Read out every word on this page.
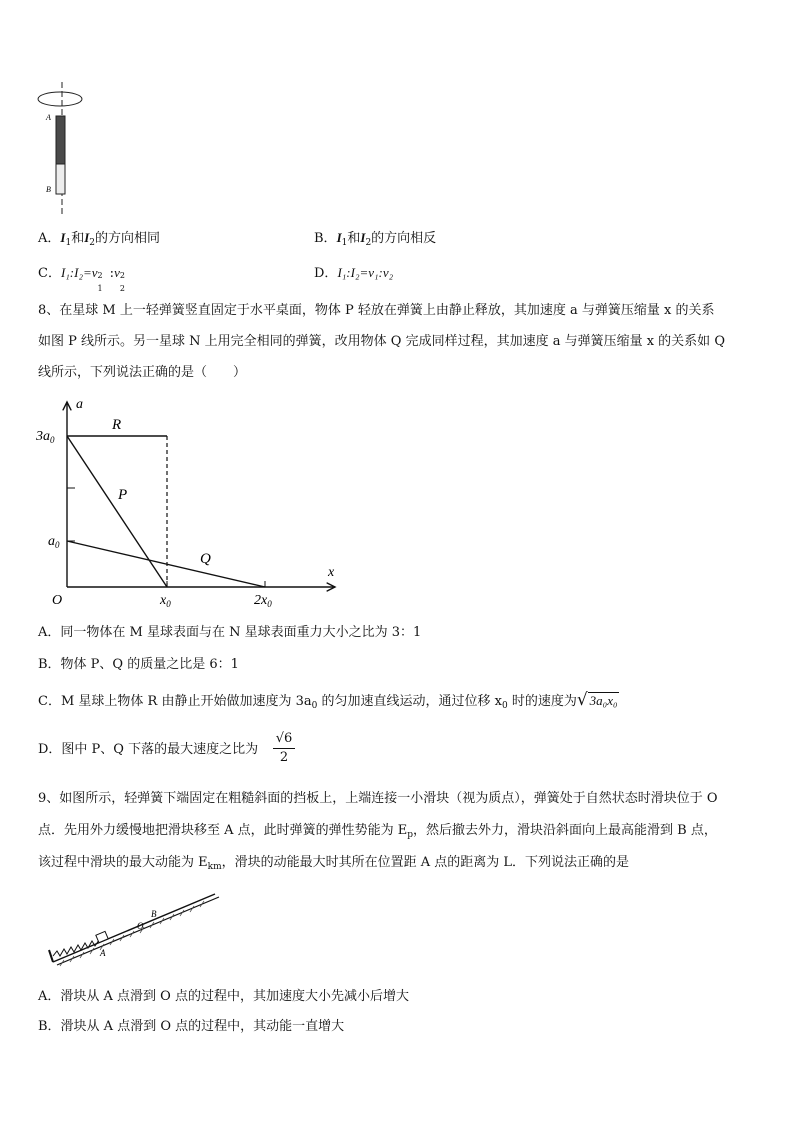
A
B
A．$I_1$和$I_2$的方向相同	B．$I_1$和$I_2$的方向相反
C．I₁:I₂=v 2
1
:v 2
2
D．I₁:I₂=v₁:v₂
8、在星球 M 上一轻弹簧竖直固定于水平桌面，物体 P 轻放在弹簧上由静止释放，其加速度 a 与弹簧压缩量 x 的关系
如图 P 线所示。另一星球 N 上用完全相同的弹簧，改用物体 Q 完成同样过程，其加速度 a 与弹簧压缩量 x 的关系如 Q
线所示，下列说法正确的是（　　）
a
x
O
$3a_0$
$a_0$
$x_0$	$2x_0$
R
P
Q
A．同一物体在 M 星球表面与在 N 星球表面重力大小之比为 3：1
B．物体 P、Q 的质量之比是 6：1
C．M 星球上物体 R 由静止开始做加速度为 $3a_0$ 的匀加速直线运动，通过位移 $x_0$ 时的速度为√ 3a₀x₀
D．图中 P、Q 下落的最大速度之比为
√6
2
9、如图所示，轻弹簧下端固定在粗糙斜面的挡板上，上端连接一小滑块（视为质点），弹簧处于自然状态时滑块位于 O
点．先用外力缓慢地把滑块移至 A 点，此时弹簧的弹性势能为 $E_p$，然后撤去外力，滑块沿斜面向上最高能滑到 B 点，
该过程中滑块的最大动能为 $E_{km}$，滑块的动能最大时其所在位置距 A 点的距离为 L．下列说法正确的是
A
O
B
A．滑块从 A 点滑到 O 点的过程中，其加速度大小先减小后增大
B．滑块从 A 点滑到 O 点的过程中，其动能一直增大
